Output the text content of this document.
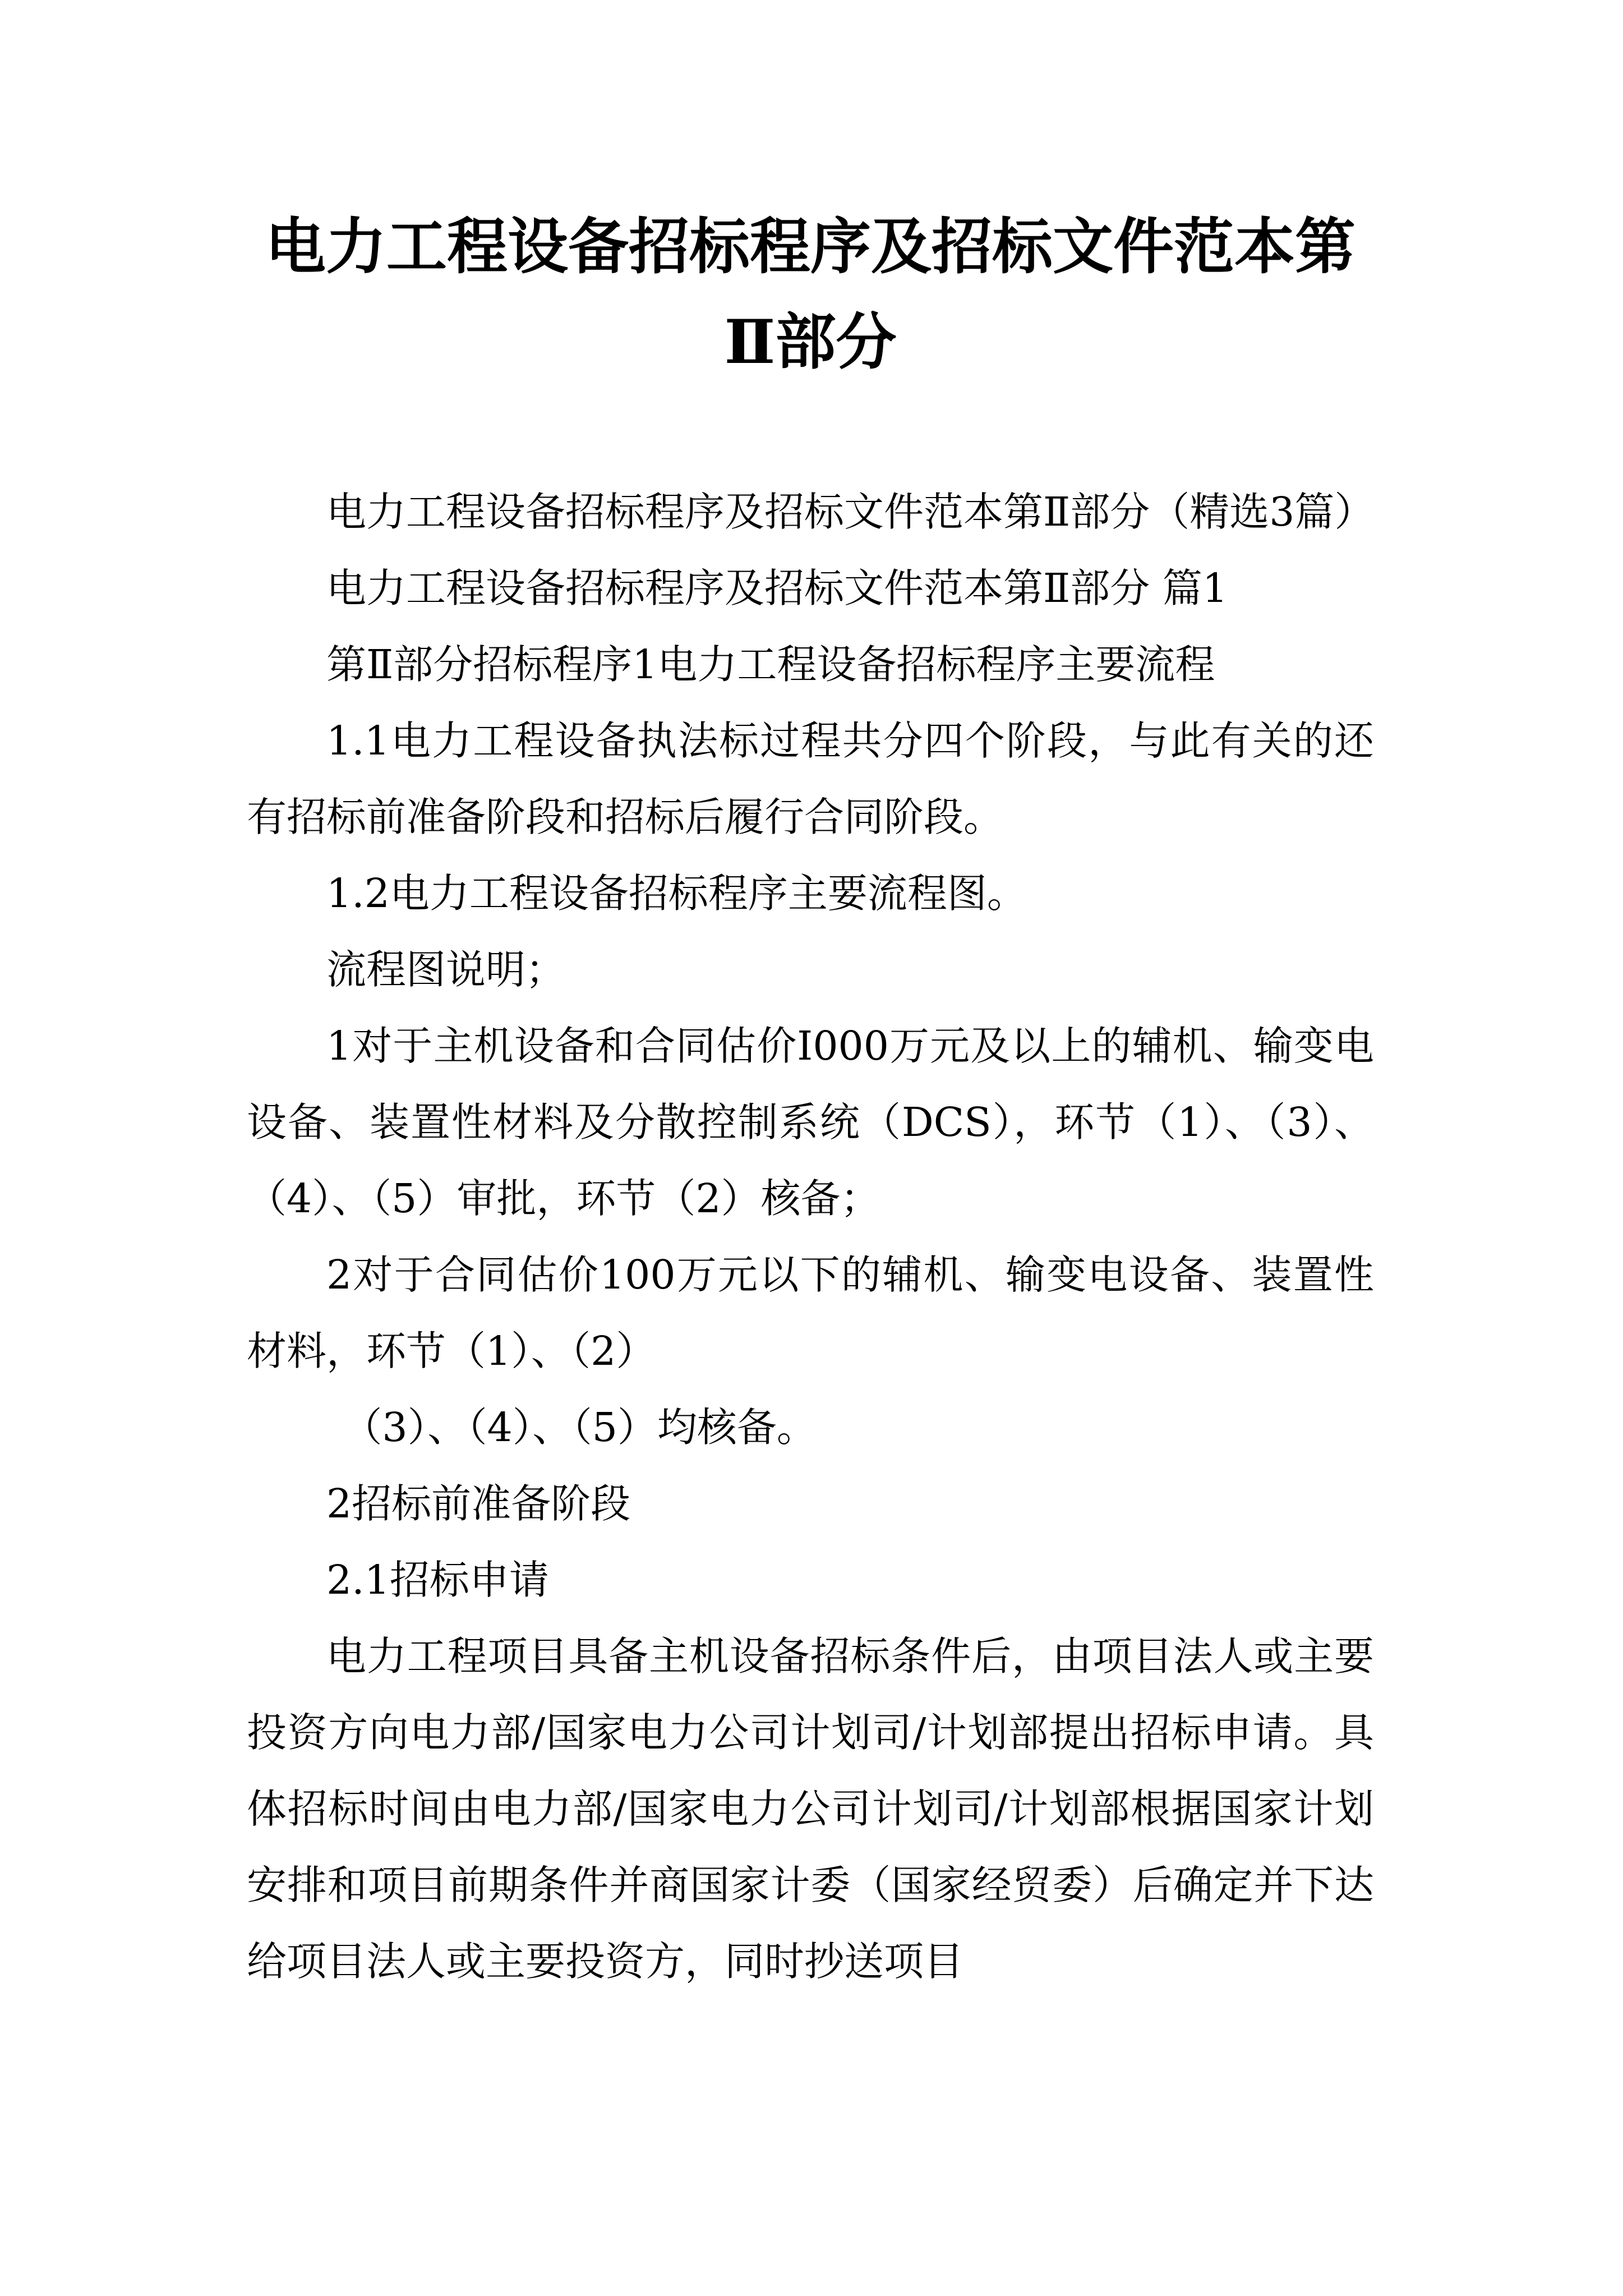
电力工程设备招标程序及招标文件范本第
Ⅱ部分

电力工程设备招标程序及招标文件范本第Ⅱ部分（精选3篇）

电力工程设备招标程序及招标文件范本第Ⅱ部分 篇1

第Ⅱ部分招标程序1电力工程设备招标程序主要流程

1.1电力工程设备执法标过程共分四个阶段，与此有关的还有招标前准备阶段和招标后履行合同阶段。

1.2电力工程设备招标程序主要流程图。

流程图说明；

1对于主机设备和合同估价I000万元及以上的辅机、输变电设备、装置性材料及分散控制系统（DCS），环节（1）、（3）、（4）、（5）审批，环节（2）核备；

2对于合同估价100万元以下的辅机、输变电设备、装置性材料，环节（1）、（2）

（3）、（4）、（5）均核备。

2招标前准备阶段

2.1招标申请

电力工程项目具备主机设备招标条件后，由项目法人或主要投资方向电力部/国家电力公司计划司/计划部提出招标申请。具体招标时间由电力部/国家电力公司计划司/计划部根据国家计划安排和项目前期条件并商国家计委（国家经贸委）后确定并下达给项目法人或主要投资方，同时抄送项目
